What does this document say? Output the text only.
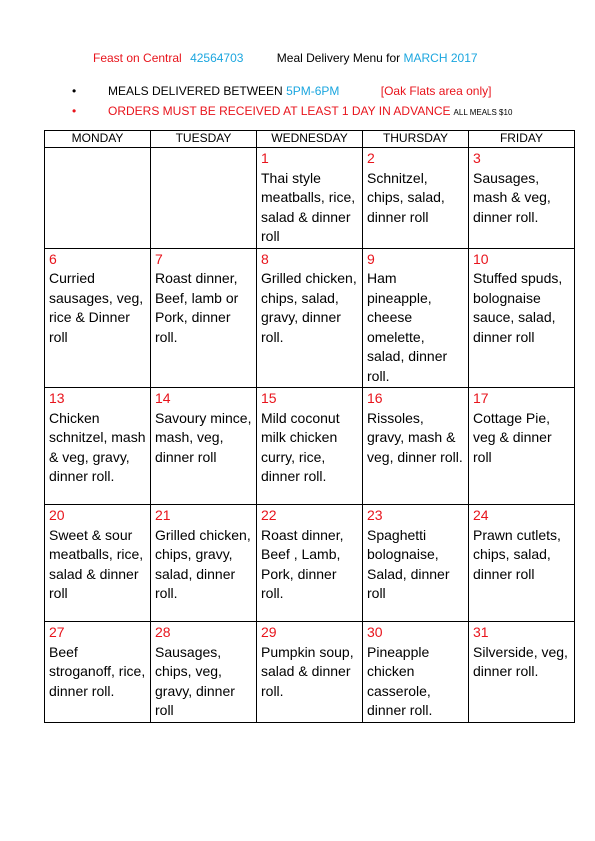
Feast on Central 42564703	Meal Delivery Menu for MARCH 2017
•	MEALS DELIVERED BETWEEN 5PM-6PM	[Oak Flats area only]
•	ORDERS MUST BE RECEIVED AT LEAST 1 DAY IN ADVANCE ALL MEALS $10
MONDAY	TUESDAY	WEDNESDAY	THURSDAY	FRIDAY

		1
Thai style meatballs, rice, salad & dinner roll	2
Schnitzel, chips, salad, dinner roll	3
Sausages, mash & veg, dinner roll.

6
Curried sausages, veg, rice & Dinner roll	7
Roast dinner, Beef, lamb or Pork, dinner roll.	8
Grilled chicken, chips, salad, gravy, dinner roll.	9
Ham pineapple, cheese omelette, salad, dinner roll.	10
Stuffed spuds, bolognaise sauce, salad, dinner roll

13
Chicken schnitzel, mash & veg, gravy, dinner roll.	14
Savoury mince, mash, veg, dinner roll	15
Mild coconut milk chicken curry, rice, dinner roll.	16
Rissoles, gravy, mash & veg, dinner roll.	17
Cottage Pie, veg & dinner roll

20
Sweet & sour meatballs, rice, salad & dinner roll	21
Grilled chicken, chips, gravy, salad, dinner roll.	22
Roast dinner, Beef , Lamb, Pork, dinner roll.	23
Spaghetti bolognaise, Salad, dinner roll	24
Prawn cutlets, chips, salad, dinner roll

27
Beef stroganoff, rice, dinner roll.	28
Sausages, chips, veg, gravy, dinner roll	29
Pumpkin soup, salad & dinner roll.	30
Pineapple chicken casserole, dinner roll.	31
Silverside, veg, dinner roll.
